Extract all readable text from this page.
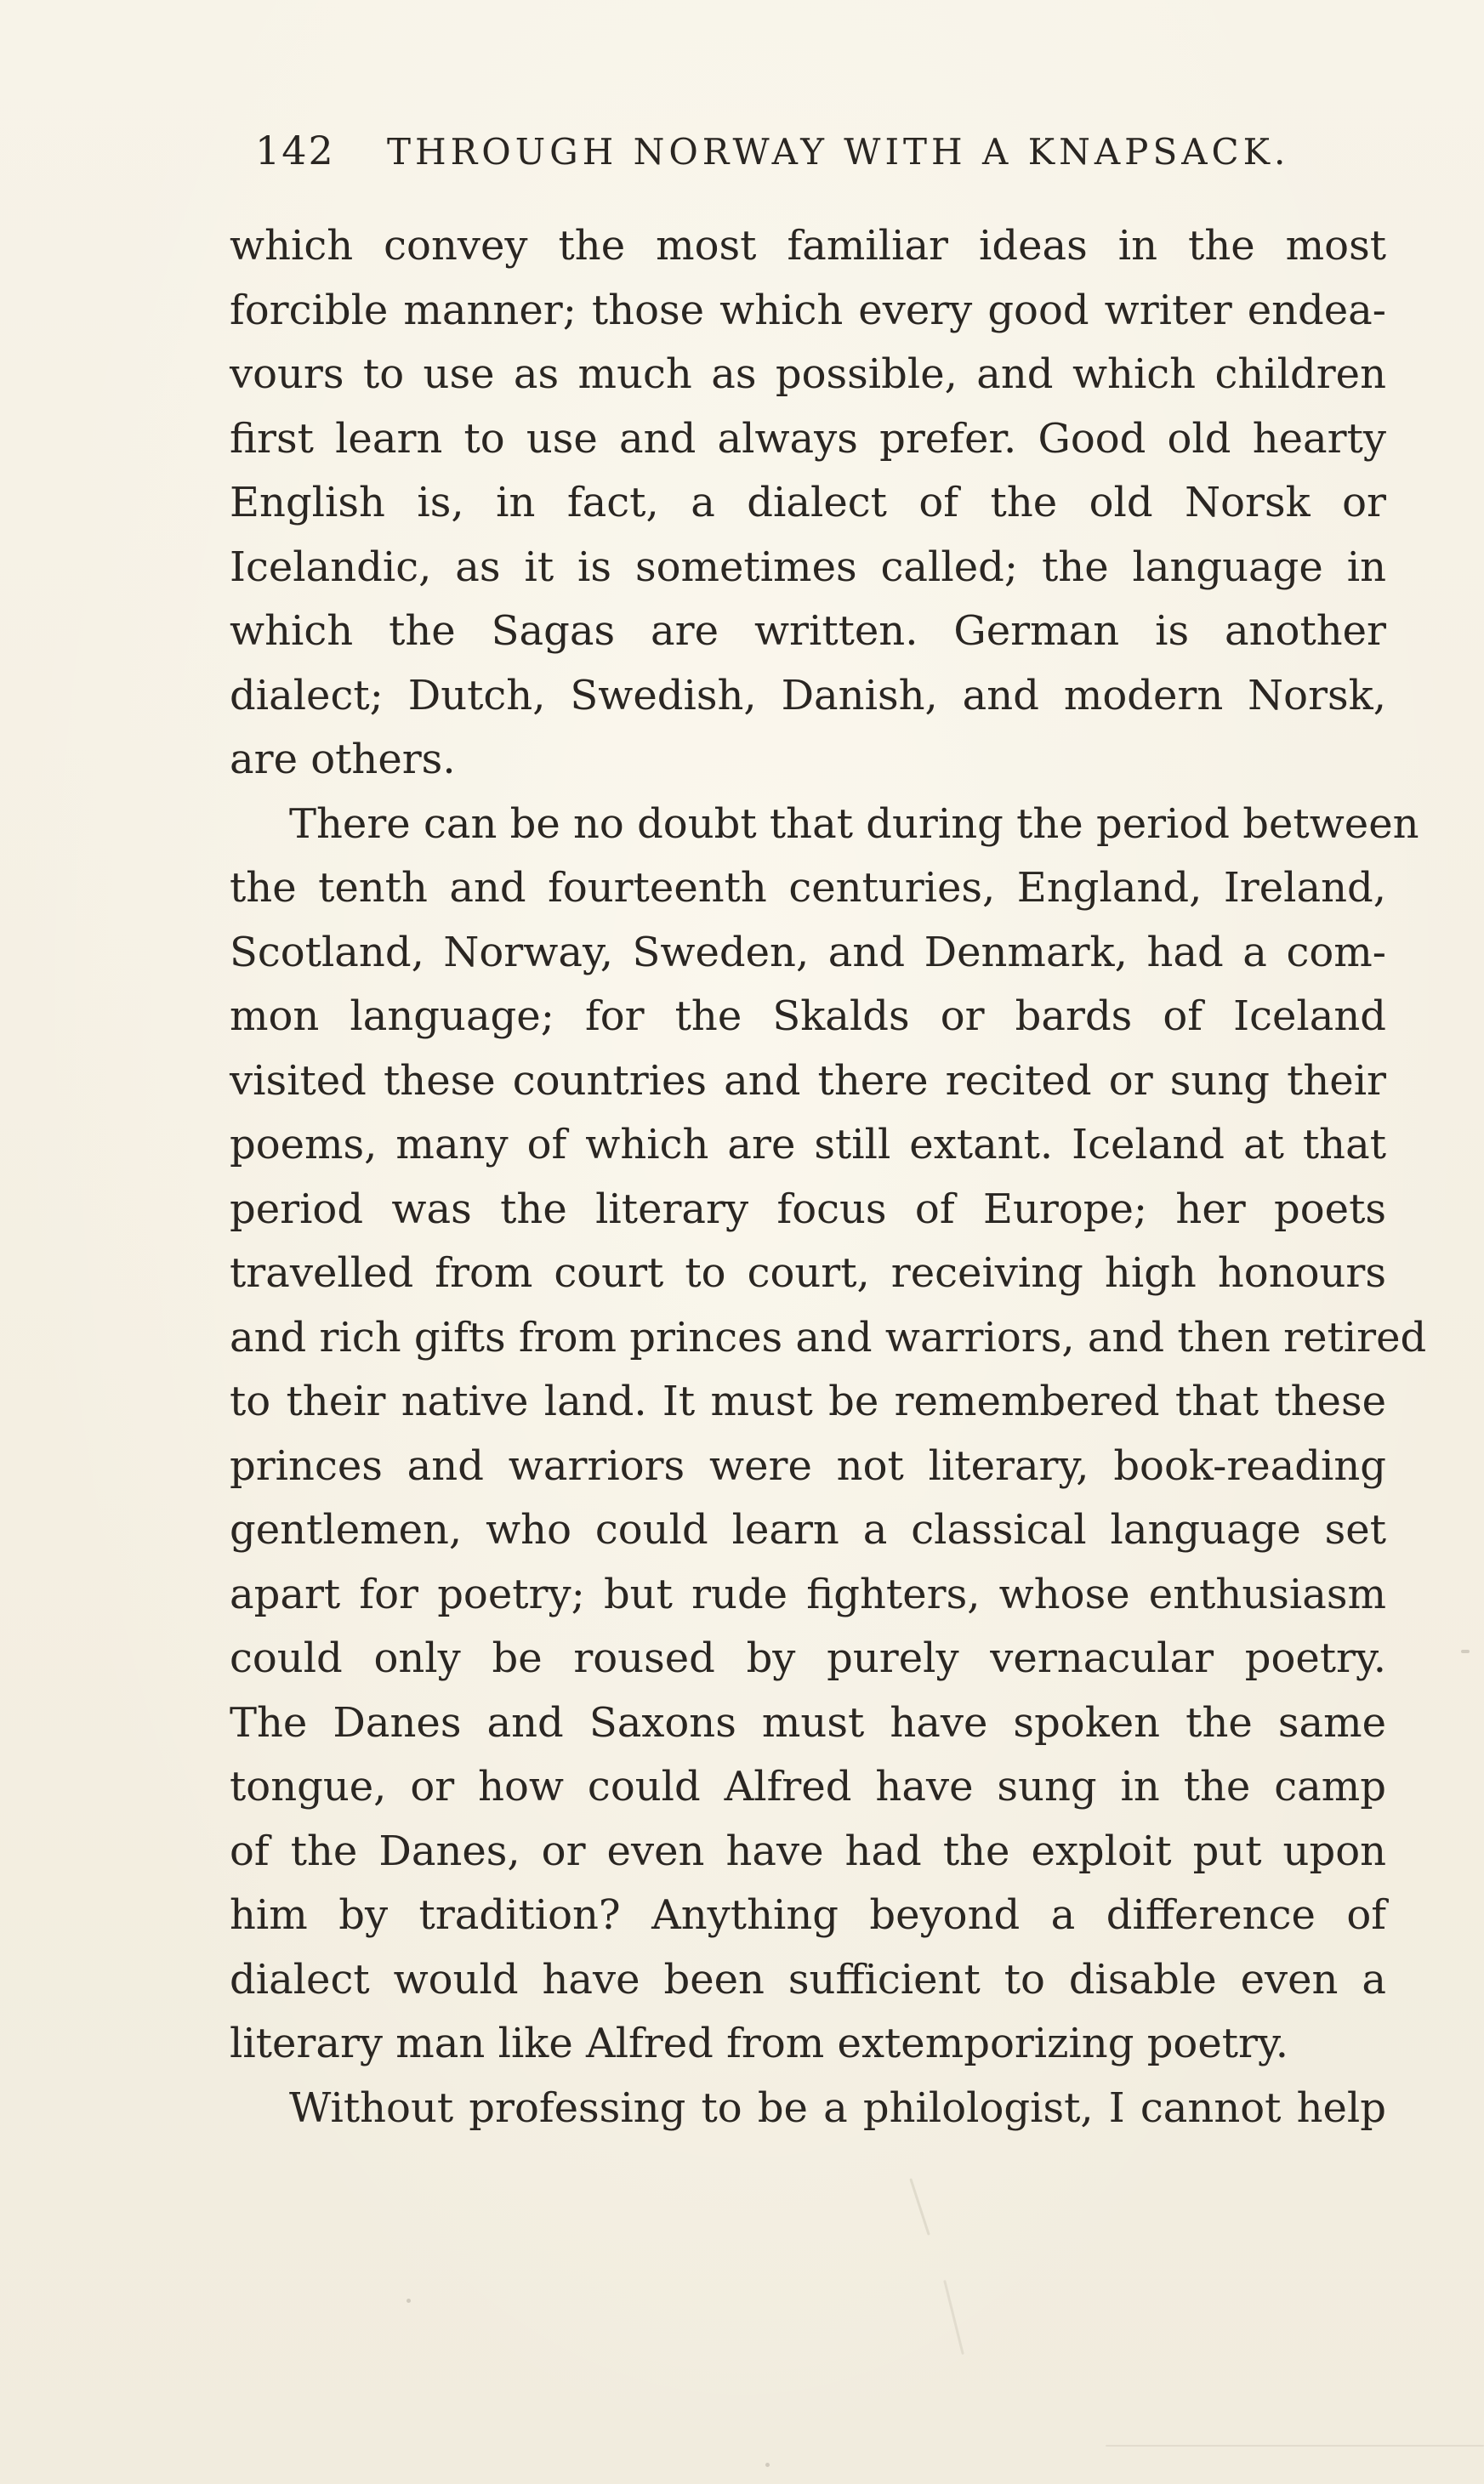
142 THROUGH NORWAY WITH A KNAPSACK.
which convey the most familiar ideas in the most
forcible manner; those which every good writer endea-
vours to use as much as possible, and which children
first learn to use and always prefer. Good old hearty
English is, in fact, a dialect of the old Norsk or
Icelandic, as it is sometimes called; the language in
which the Sagas are written. German is another
dialect; Dutch, Swedish, Danish, and modern Norsk,
are others.
There can be no doubt that during the period between
the tenth and fourteenth centuries, England, Ireland,
Scotland, Norway, Sweden, and Denmark, had a com-
mon language; for the Skalds or bards of Iceland
visited these countries and there recited or sung their
poems, many of which are still extant. Iceland at that
period was the literary focus of Europe; her poets
travelled from court to court, receiving high honours
and rich gifts from princes and warriors, and then retired
to their native land. It must be remembered that these
princes and warriors were not literary, book-reading
gentlemen, who could learn a classical language set
apart for poetry; but rude fighters, whose enthusiasm
could only be roused by purely vernacular poetry.
The Danes and Saxons must have spoken the same
tongue, or how could Alfred have sung in the camp
of the Danes, or even have had the exploit put upon
him by tradition? Anything beyond a difference of
dialect would have been sufficient to disable even a
literary man like Alfred from extemporizing poetry.
Without professing to be a philologist, I cannot help
